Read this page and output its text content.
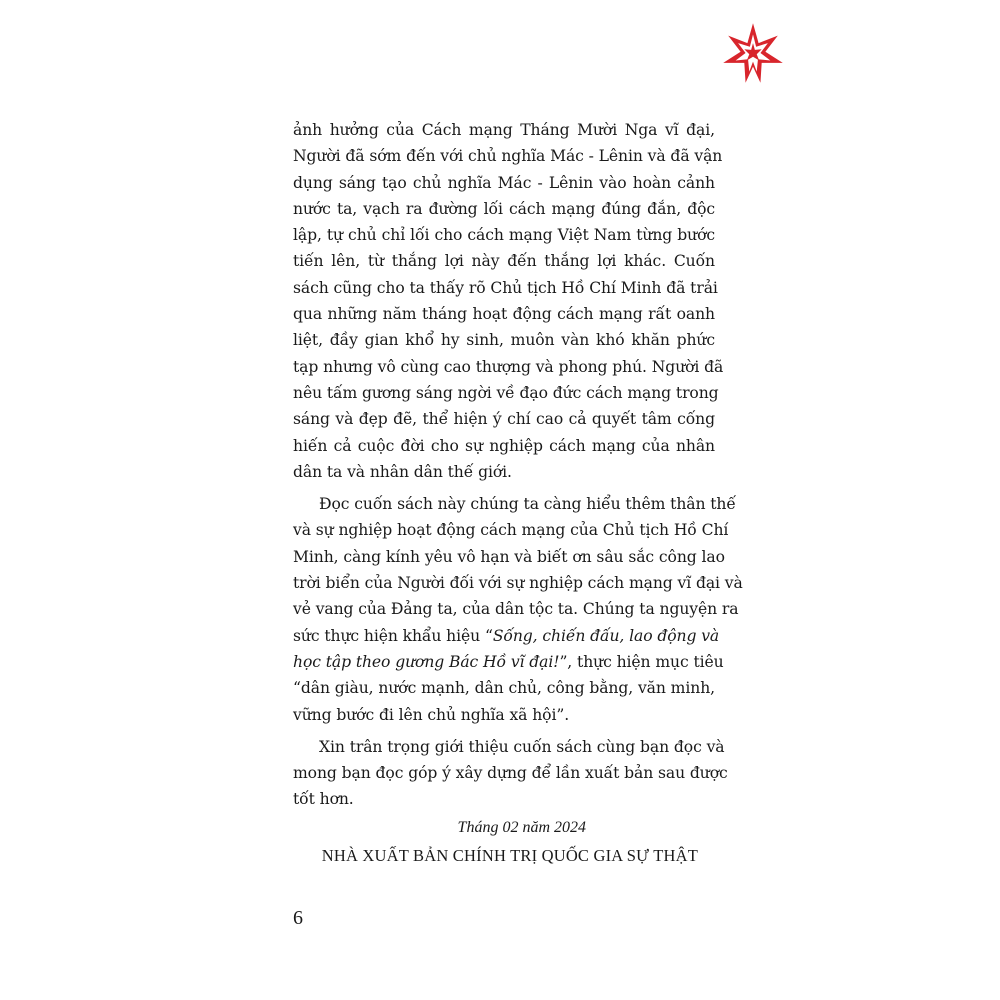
ảnh hưởng của Cách mạng Tháng Mười Nga vĩ đại,
Người đã sớm đến với chủ nghĩa Mác - Lênin và đã vận
dụng sáng tạo chủ nghĩa Mác - Lênin vào hoàn cảnh
nước ta, vạch ra đường lối cách mạng đúng đắn, độc
lập, tự chủ chỉ lối cho cách mạng Việt Nam từng bước
tiến lên, từ thắng lợi này đến thắng lợi khác. Cuốn
sách cũng cho ta thấy rõ Chủ tịch Hồ Chí Minh đã trải
qua những năm tháng hoạt động cách mạng rất oanh
liệt, đầy gian khổ hy sinh, muôn vàn khó khăn phức
tạp nhưng vô cùng cao thượng và phong phú. Người đã
nêu tấm gương sáng ngời về đạo đức cách mạng trong
sáng và đẹp đẽ, thể hiện ý chí cao cả quyết tâm cống
hiến cả cuộc đời cho sự nghiệp cách mạng của nhân
dân ta và nhân dân thế giới.
Đọc cuốn sách này chúng ta càng hiểu thêm thân thế
và sự nghiệp hoạt động cách mạng của Chủ tịch Hồ Chí
Minh, càng kính yêu vô hạn và biết ơn sâu sắc công lao
trời biển của Người đối với sự nghiệp cách mạng vĩ đại và
vẻ vang của Đảng ta, của dân tộc ta. Chúng ta nguyện ra
sức thực hiện khẩu hiệu “Sống, chiến đấu, lao động và
học tập theo gương Bác Hồ vĩ đại!”, thực hiện mục tiêu
“dân giàu, nước mạnh, dân chủ, công bằng, văn minh,
vững bước đi lên chủ nghĩa xã hội”.
Xin trân trọng giới thiệu cuốn sách cùng bạn đọc và
mong bạn đọc góp ý xây dựng để lần xuất bản sau được
tốt hơn.
Tháng 02 năm 2024
NHÀ XUẤT BẢN CHÍNH TRỊ QUỐC GIA SỰ THẬT
6
